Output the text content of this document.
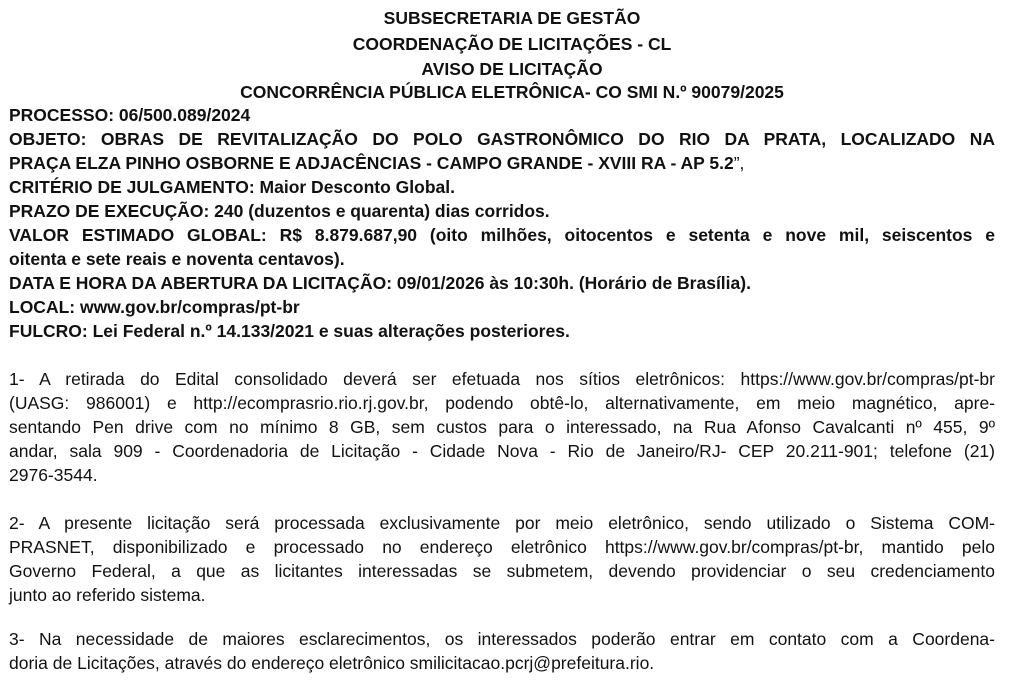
SUBSECRETARIA DE GESTÃO
COORDENAÇÃO DE LICITAÇÕES - CL
AVISO DE LICITAÇÃO
CONCORRÊNCIA PÚBLICA ELETRÔNICA- CO SMI N.º 90079/2025
PROCESSO: 06/500.089/2024
OBJETO: OBRAS DE REVITALIZAÇÃO DO POLO GASTRONÔMICO DO RIO DA PRATA, LOCALIZADO NA
PRAÇA ELZA PINHO OSBORNE E ADJACÊNCIAS - CAMPO GRANDE - XVIII RA - AP 5.2”,
CRITÉRIO DE JULGAMENTO: Maior Desconto Global.
PRAZO DE EXECUÇÃO: 240 (duzentos e quarenta) dias corridos.
VALOR ESTIMADO GLOBAL: R$ 8.879.687,90 (oito milhões, oitocentos e setenta e nove mil, seiscentos e
oitenta e sete reais e noventa centavos).
DATA E HORA DA ABERTURA DA LICITAÇÃO: 09/01/2026 às 10:30h. (Horário de Brasília).
LOCAL: www.gov.br/compras/pt-br
FULCRO: Lei Federal n.º 14.133/2021 e suas alterações posteriores.
1- A retirada do Edital consolidado deverá ser efetuada nos sítios eletrônicos: https://www.gov.br/compras/pt-br
(UASG: 986001) e http://ecomprasrio.rio.rj.gov.br, podendo obtê-lo, alternativamente, em meio magnético, apre-
sentando Pen drive com no mínimo 8 GB, sem custos para o interessado, na Rua Afonso Cavalcanti nº 455, 9º
andar, sala 909 - Coordenadoria de Licitação - Cidade Nova - Rio de Janeiro/RJ- CEP 20.211-901; telefone (21)
2976-3544.
2- A presente licitação será processada exclusivamente por meio eletrônico, sendo utilizado o Sistema COM-
PRASNET, disponibilizado e processado no endereço eletrônico https://www.gov.br/compras/pt-br, mantido pelo
Governo Federal, a que as licitantes interessadas se submetem, devendo providenciar o seu credenciamento
junto ao referido sistema.
3- Na necessidade de maiores esclarecimentos, os interessados poderão entrar em contato com a Coordena-
doria de Licitações, através do endereço eletrônico smilicitacao.pcrj@prefeitura.rio.
